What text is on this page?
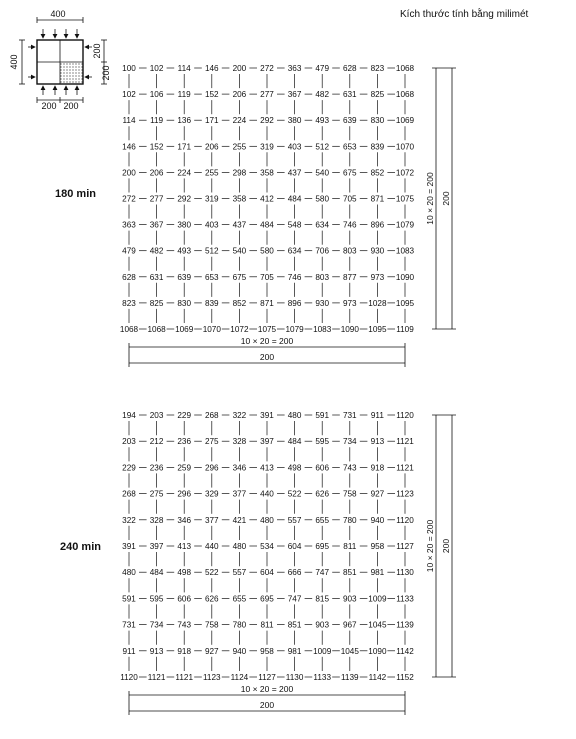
Kích thước tính bằng milimét
400
400
200
200
200 200
180 min
100 102 114 146 200 272 363 479 628 823 1068
102 106 119 152 206 277 367 482 631 825 1068
114 119 136 171 224 292 380 493 639 830 1069
146 152 171 206 255 319 403 512 653 839 1070
200 206 224 255 298 358 437 540 675 852 1072
272 277 292 319 358 412 484 580 705 871 1075
363 367 380 403 437 484 548 634 746 896 1079
479 482 493 512 540 580 634 706 803 930 1083
628 631 639 653 675 705 746 803 877 973 1090
823 825 830 839 852 871 896 930 973 1028 1095
1068 1068 1069 1070 1072 1075 1079 1083 1090 1095 1109
10 × 20 = 200
200
10 × 20 = 200 200
240 min
194 203 229 268 322 391 480 591 731 911 1120
203 212 236 275 328 397 484 595 734 913 1121
229 236 259 296 346 413 498 606 743 918 1121
268 275 296 329 377 440 522 626 758 927 1123
322 328 346 377 421 480 557 655 780 940 1120
391 397 413 440 480 534 604 695 811 958 1127
480 484 498 522 557 604 666 747 851 981 1130
591 595 606 626 655 695 747 815 903 1009 1133
731 734 743 758 780 811 851 903 967 1045 1139
911 913 918 927 940 958 981 1009 1045 1090 1142
1120 1121 1121 1123 1124 1127 1130 1133 1139 1142 1152
10 × 20 = 200
200
10 × 20 = 200 200
